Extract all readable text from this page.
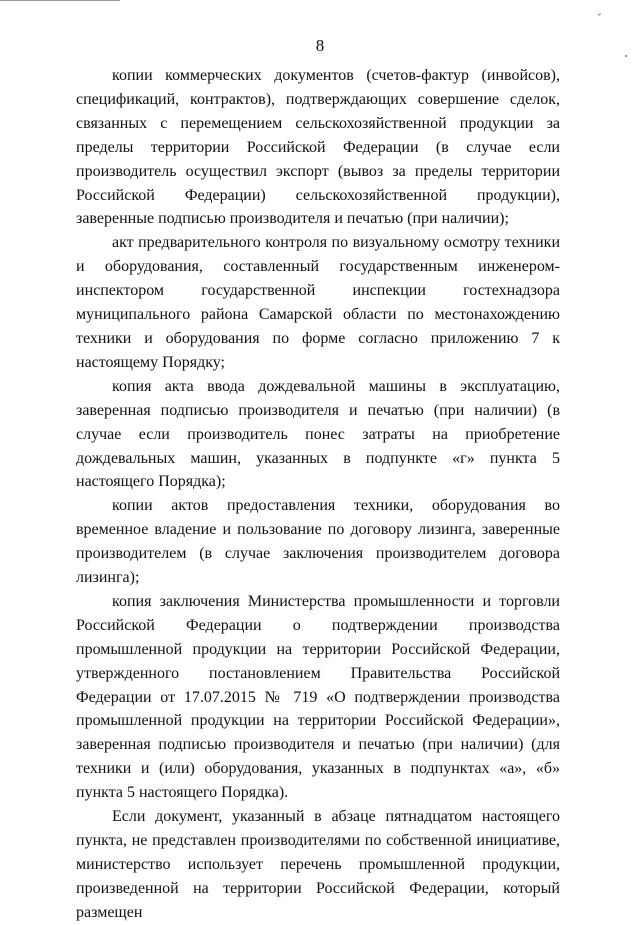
8

копии коммерческих документов (счетов-фактур (инвойсов), спецификаций, контрактов), подтверждающих совершение сделок, связанных с перемещением сельскохозяйственной продукции за пределы территории Российской Федерации (в случае если производитель осуществил экспорт (вывоз за пределы территории Российской Федерации) сельскохозяйственной продукции), заверенные подписью производителя и печатью (при наличии);

акт предварительного контроля по визуальному осмотру техники и оборудования, составленный государственным инженером-инспектором государственной инспекции гостехнадзора муниципального района Самарской области по местонахождению техники и оборудования по форме согласно приложению 7 к настоящему Порядку;

копия акта ввода дождевальной машины в эксплуатацию, заверенная подписью производителя и печатью (при наличии) (в случае если производитель понес затраты на приобретение дождевальных машин, указанных в подпункте «г» пункта 5 настоящего Порядка);

копии актов предоставления техники, оборудования во временное владение и пользование по договору лизинга, заверенные производителем (в случае заключения производителем договора лизинга);

копия заключения Министерства промышленности и торговли Российской Федерации о подтверждении производства промышленной продукции на территории Российской Федерации, утвержденного постановлением Правительства Российской Федерации от 17.07.2015 № 719 «О подтверждении производства промышленной продукции на территории Российской Федерации», заверенная подписью производителя и печатью (при наличии) (для техники и (или) оборудования, указанных в подпунктах «а», «б» пункта 5 настоящего Порядка).

Если документ, указанный в абзаце пятнадцатом настоящего пункта, не представлен производителями по собственной инициативе, министерство использует перечень промышленной продукции, произведенной на территории Российской Федерации, который размещен
